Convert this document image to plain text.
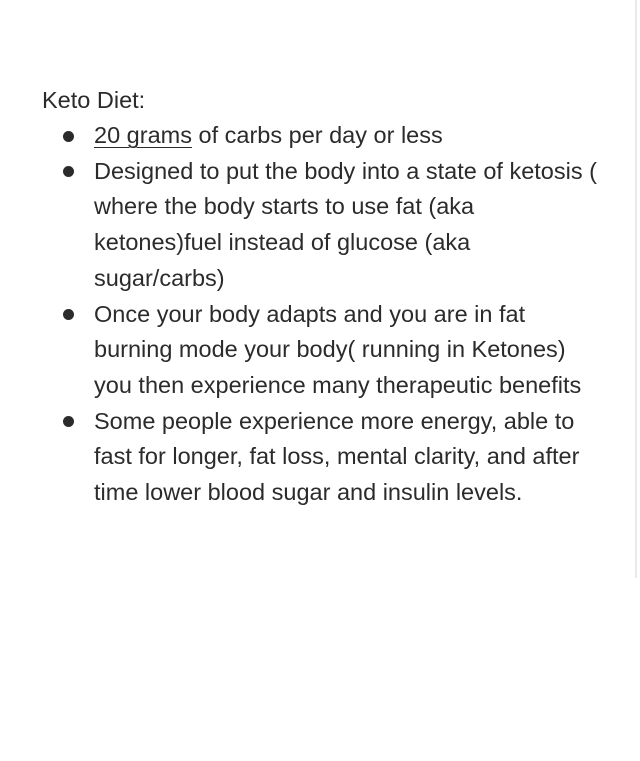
Keto Diet:
20 grams of carbs per day or less
Designed to put the body into a state of ketosis ( where the body starts to use fat (aka ketones)fuel instead of glucose (aka sugar/carbs)
Once your body adapts and you are in fat burning mode your body( running in Ketones) you then experience many therapeutic benefits
Some people experience more energy, able to fast for longer, fat loss, mental clarity, and after time lower blood sugar and insulin levels.
